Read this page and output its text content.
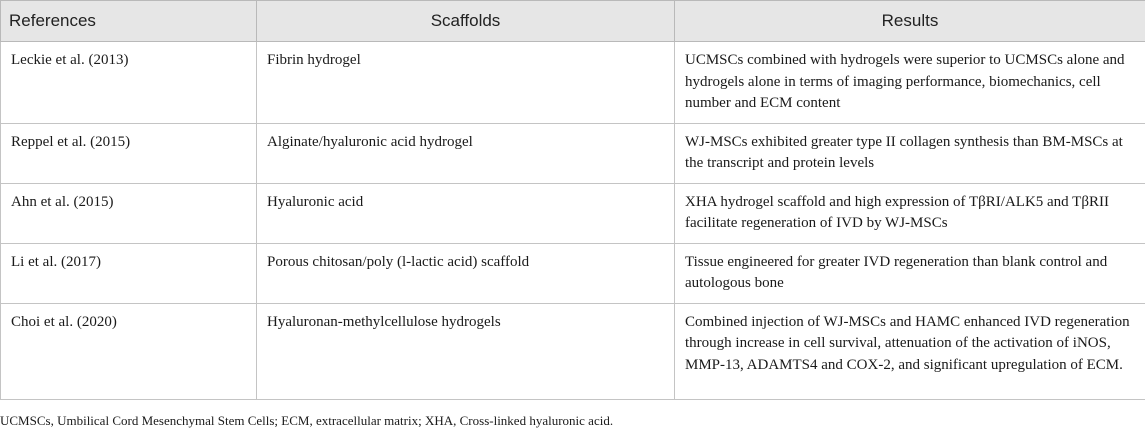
References	Scaffolds	Results
Leckie et al. (2013)	Fibrin hydrogel	UCMSCs combined with hydrogels were superior to UCMSCs alone and hydrogels alone in terms of imaging performance, biomechanics, cell number and ECM content
Reppel et al. (2015)	Alginate/hyaluronic acid hydrogel	WJ-MSCs exhibited greater type II collagen synthesis than BM-MSCs at the transcript and protein levels
Ahn et al. (2015)	Hyaluronic acid	XHA hydrogel scaffold and high expression of TβRI/ALK5 and TβRII facilitate regeneration of IVD by WJ-MSCs
Li et al. (2017)	Porous chitosan/poly (l-lactic acid) scaffold	Tissue engineered for greater IVD regeneration than blank control and autologous bone
Choi et al. (2020)	Hyaluronan-methylcellulose hydrogels	Combined injection of WJ-MSCs and HAMC enhanced IVD regeneration through increase in cell survival, attenuation of the activation of iNOS, MMP-13, ADAMTS4 and COX-2, and significant upregulation of ECM.
UCMSCs, Umbilical Cord Mesenchymal Stem Cells; ECM, extracellular matrix; XHA, Cross-linked hyaluronic acid.
